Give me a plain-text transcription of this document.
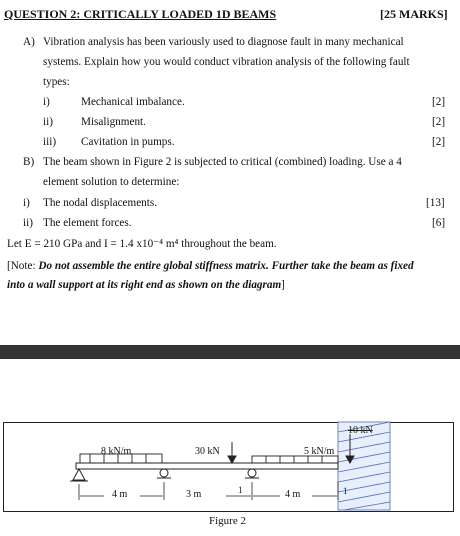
QUESTION 2: CRITICALLY LOADED 1D BEAMS	[25 MARKS]
A) Vibration analysis has been variously used to diagnose fault in many mechanical
systems. Explain how you would conduct vibration analysis of the following fault
types:
i)	Mechanical imbalance.	[2]
ii)	Misalignment.	[2]
iii) Cavitation in pumps.	[2]
B) The beam shown in Figure 2 is subjected to critical (combined) loading. Use a 4
element solution to determine:
i) The nodal displacements.	[13]
ii) The element forces.	[6]
Let E = 210 GPa and I = 1.4 x10⁻⁴ m⁴ throughout the beam.
[Note: Do not assemble the entire global stiffness matrix. Further take the beam as fixed
into a wall support at its right end as shown on the diagram]
8 kN/m	30 kN	5 kN/m
10 kN
4 m	3 m	4 m
1	1
Figure 2
